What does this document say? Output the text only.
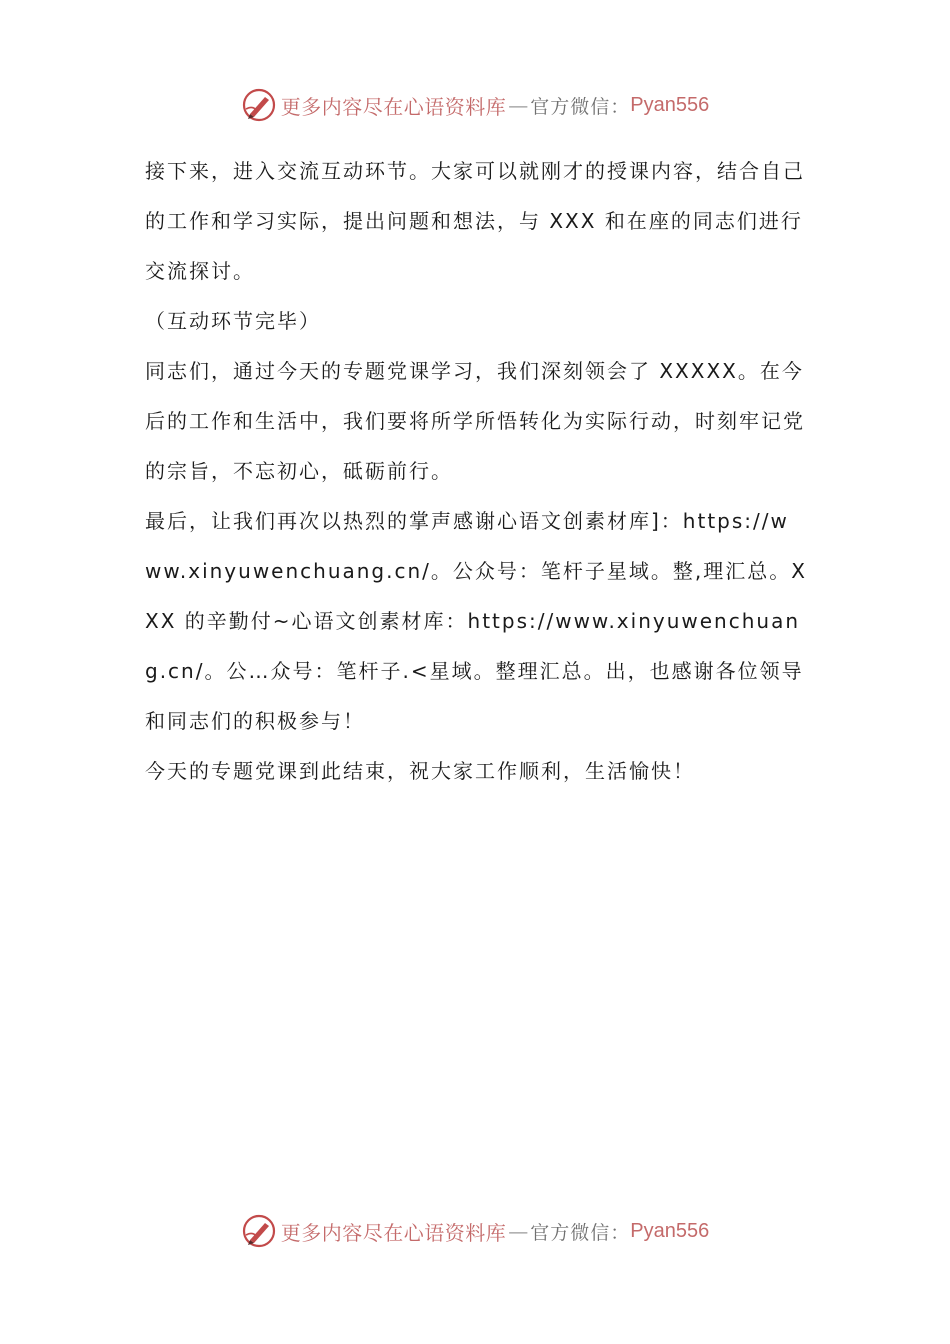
更多内容尽在心语资料库 — 官方微信： Pyan556

接下来，进入交流互动环节。大家可以就刚才的授课内容，结合自己的工作和学习实际，提出问题和想法，与 XXX 和在座的同志们进行交流探讨。

（互动环节完毕）

同志们，通过今天的专题党课学习，我们深刻领会了 XXXXX。在今后的工作和生活中，我们要将所学所悟转化为实际行动，时刻牢记党的宗旨，不忘初心，砥砺前行。

最后，让我们再次以热烈的掌声感谢心语文创素材库]：https://www.xinyuwenchuang.cn/。公众号：笔杆子星域。整,理汇总。XXX 的辛勤付~心语文创素材库：https://www.xinyuwenchuang.cn/。公…众号：笔杆子.<星域。整理汇总。出，也感谢各位领导和同志们的积极参与！

今天的专题党课到此结束，祝大家工作顺利，生活愉快！

更多内容尽在心语资料库 — 官方微信： Pyan556
